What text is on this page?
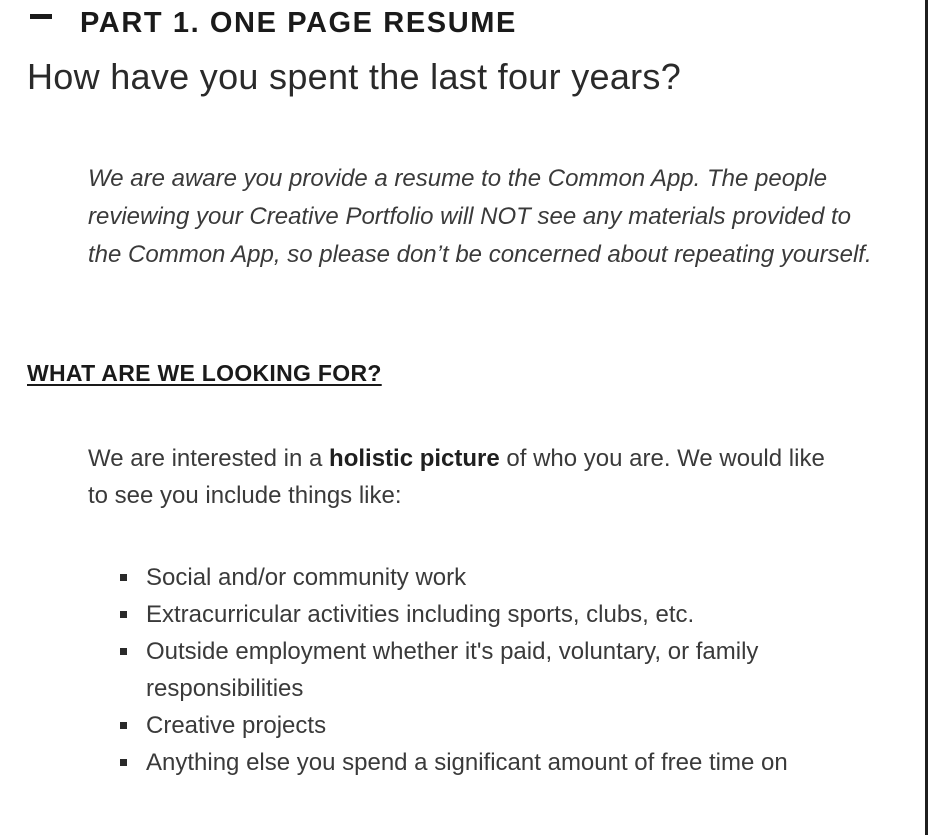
PART 1. ONE PAGE RESUME
How have you spent the last four years?

We are aware you provide a resume to the Common App. The people reviewing your Creative Portfolio will NOT see any materials provided to the Common App, so please don’t be concerned about repeating yourself.

WHAT ARE WE LOOKING FOR?

We are interested in a holistic picture of who you are. We would like to see you include things like:

Social and/or community work
Extracurricular activities including sports, clubs, etc.
Outside employment whether it's paid, voluntary, or family responsibilities
Creative projects
Anything else you spend a significant amount of free time on
